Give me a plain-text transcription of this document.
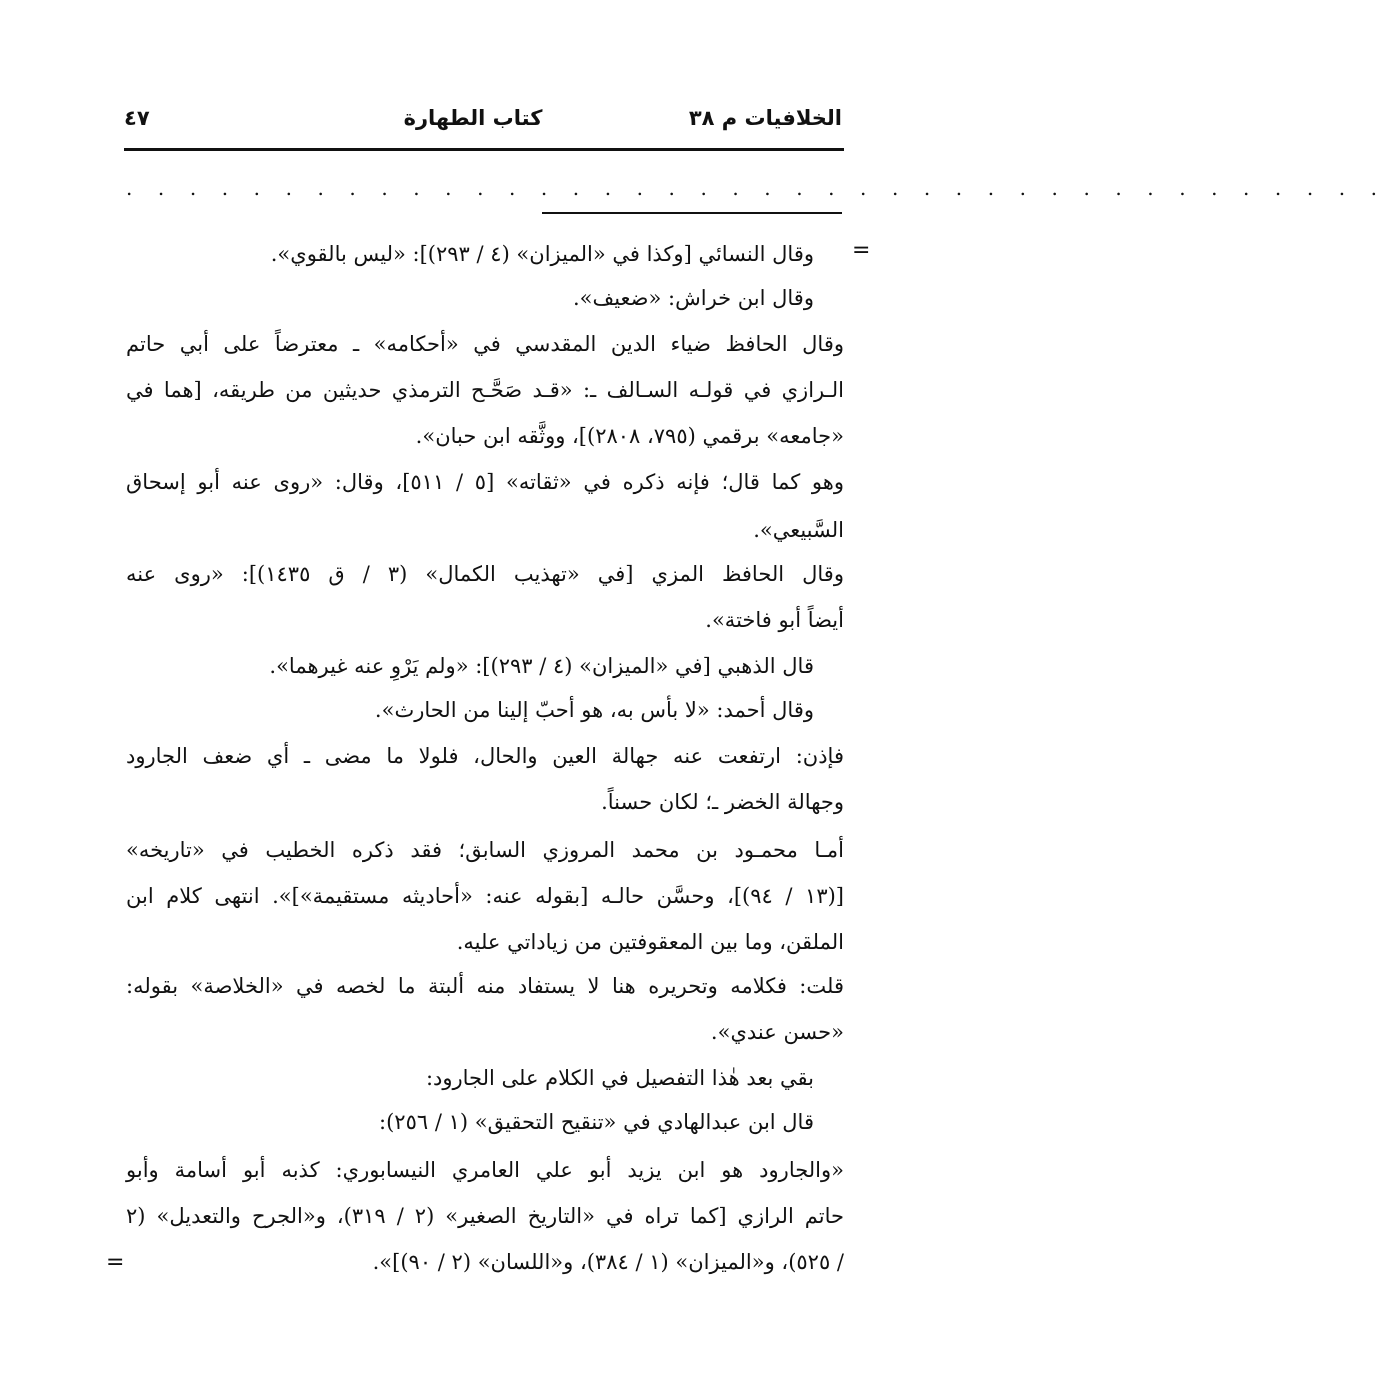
الخلافيات م ٣٨
كتاب الطهارة
٤٧
. . . . . . . . . . . . . . . . . . . . . . . . . . . . . . . . . . . . . . . .
=
=
وقال النسائي [وكذا في «الميزان» (٤ / ٢٩٣)]: «ليس بالقوي».
وقال ابن خراش: «ضعيف».
وقال الحافظ ضياء الدين المقدسي في «أحكامه» ـ معترضاً على أبي حاتم
الـرازي في قولـه السـالف ـ: «قـد صَحَّـح الترمذي حديثين من طريقه، [هما في
«جامعه» برقمي (٧٩٥، ٢٨٠٨)]، ووثَّقه ابن حبان».
وهو كما قال؛ فإنه ذكره في «ثقاته» [٥ / ٥١١]، وقال: «روى عنه أبو إسحاق
السَّبيعي».
وقال الحافظ المزي [في «تهذيب الكمال» (٣ / ق ١٤٣٥)]: «روى عنه
أيضاً أبو فاختة».
قال الذهبي [في «الميزان» (٤ / ٢٩٣)]: «ولم يَرْوِ عنه غيرهما».
وقال أحمد: «لا بأس به، هو أحبّ إلينا من الحارث».
فإذن: ارتفعت عنه جهالة العين والحال، فلولا ما مضى ـ أي ضعف الجارود
وجهالة الخضر ـ؛ لكان حسناً.
أمـا محمـود بن محمد المروزي السابق؛ فقد ذكره الخطيب في «تاريخه»
[(١٣ / ٩٤)]، وحسَّن حالـه [بقوله عنه: «أحاديثه مستقيمة»]». انتهى كلام ابن
الملقن، وما بين المعقوفتين من زياداتي عليه.
قلت: فكلامه وتحريره هنا لا يستفاد منه ألبتة ما لخصه في «الخلاصة» بقوله:
«حسن عندي».
بقي بعد هٰذا التفصيل في الكلام على الجارود:
قال ابن عبدالهادي في «تنقيح التحقيق» (١ / ٢٥٦):
«والجارود هو ابن يزيد أبو علي العامري النيسابوري: كذبه أبو أسامة وأبو
حاتم الرازي [كما تراه في «التاريخ الصغير» (٢ / ٣١٩)، و«الجرح والتعديل» (٢
/ ٥٢٥)، و«الميزان» (١ / ٣٨٤)، و«اللسان» (٢ / ٩٠)]».
